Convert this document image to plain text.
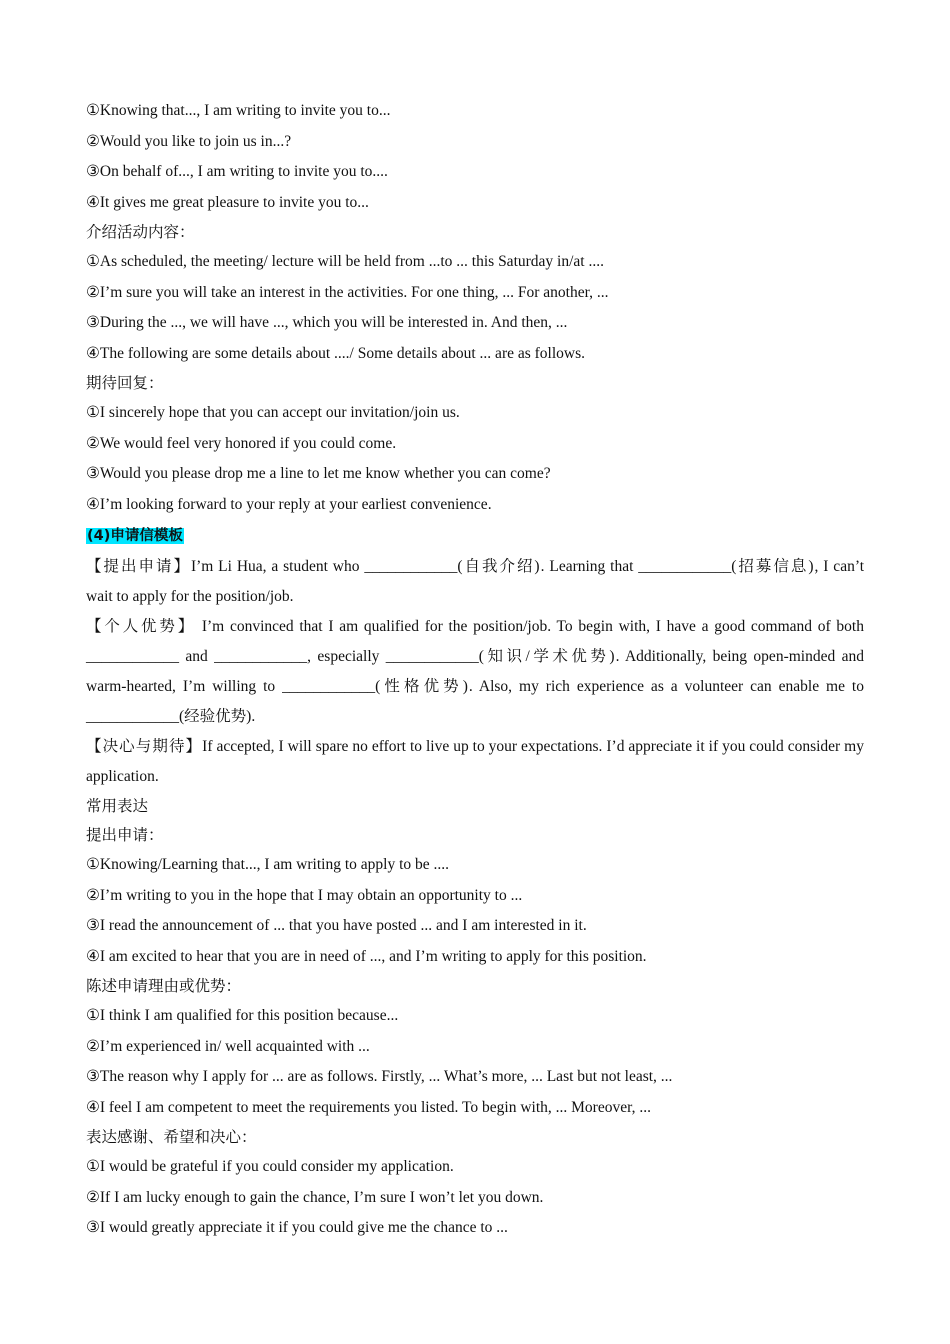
①Knowing that..., I am writing to invite you to...
②Would you like to join us in...?
③On behalf of..., I am writing to invite you to....
④It gives me great pleasure to invite you to...
介绍活动内容：
①As scheduled, the meeting/ lecture will be held from ...to ... this Saturday in/at ....
②I’m sure you will take an interest in the activities. For one thing, ... For another, ...
③During the ..., we will have ..., which you will be interested in. And then, ...
④The following are some details about ..../ Some details about ... are as follows.
期待回复：
①I sincerely hope that you can accept our invitation/join us.
②We would feel very honored if you could come.
③Would you please drop me a line to let me know whether you can come?
④I’m looking forward to your reply at your earliest convenience.
(4)申请信模板
【提出申请】I’m Li Hua, a student who ____________(自我介绍). Learning that ____________(招募信息), I can’t wait to apply for the position/job.
【个人优势】 I’m convinced that I am qualified for the position/job. To begin with, I have a good command of both ____________ and ____________, especially ____________(知识/学术优势). Additionally, being open-minded and warm-hearted, I’m willing to ____________(性格优势). Also, my rich experience as a volunteer can enable me to ____________(经验优势).
【决心与期待】If accepted, I will spare no effort to live up to your expectations. I’d appreciate it if you could consider my application.
常用表达
提出申请：
①Knowing/Learning that..., I am writing to apply to be ....
②I’m writing to you in the hope that I may obtain an opportunity to ...
③I read the announcement of ... that you have posted ... and I am interested in it.
④I am excited to hear that you are in need of ..., and I’m writing to apply for this position.
陈述申请理由或优势：
①I think I am qualified for this position because...
②I’m experienced in/ well acquainted with ...
③The reason why I apply for ... are as follows. Firstly, ... What’s more, ... Last but not least, ...
④I feel I am competent to meet the requirements you listed. To begin with, ... Moreover, ...
表达感谢、希望和决心：
①I would be grateful if you could consider my application.
②If I am lucky enough to gain the chance, I’m sure I won’t let you down.
③I would greatly appreciate it if you could give me the chance to ...
